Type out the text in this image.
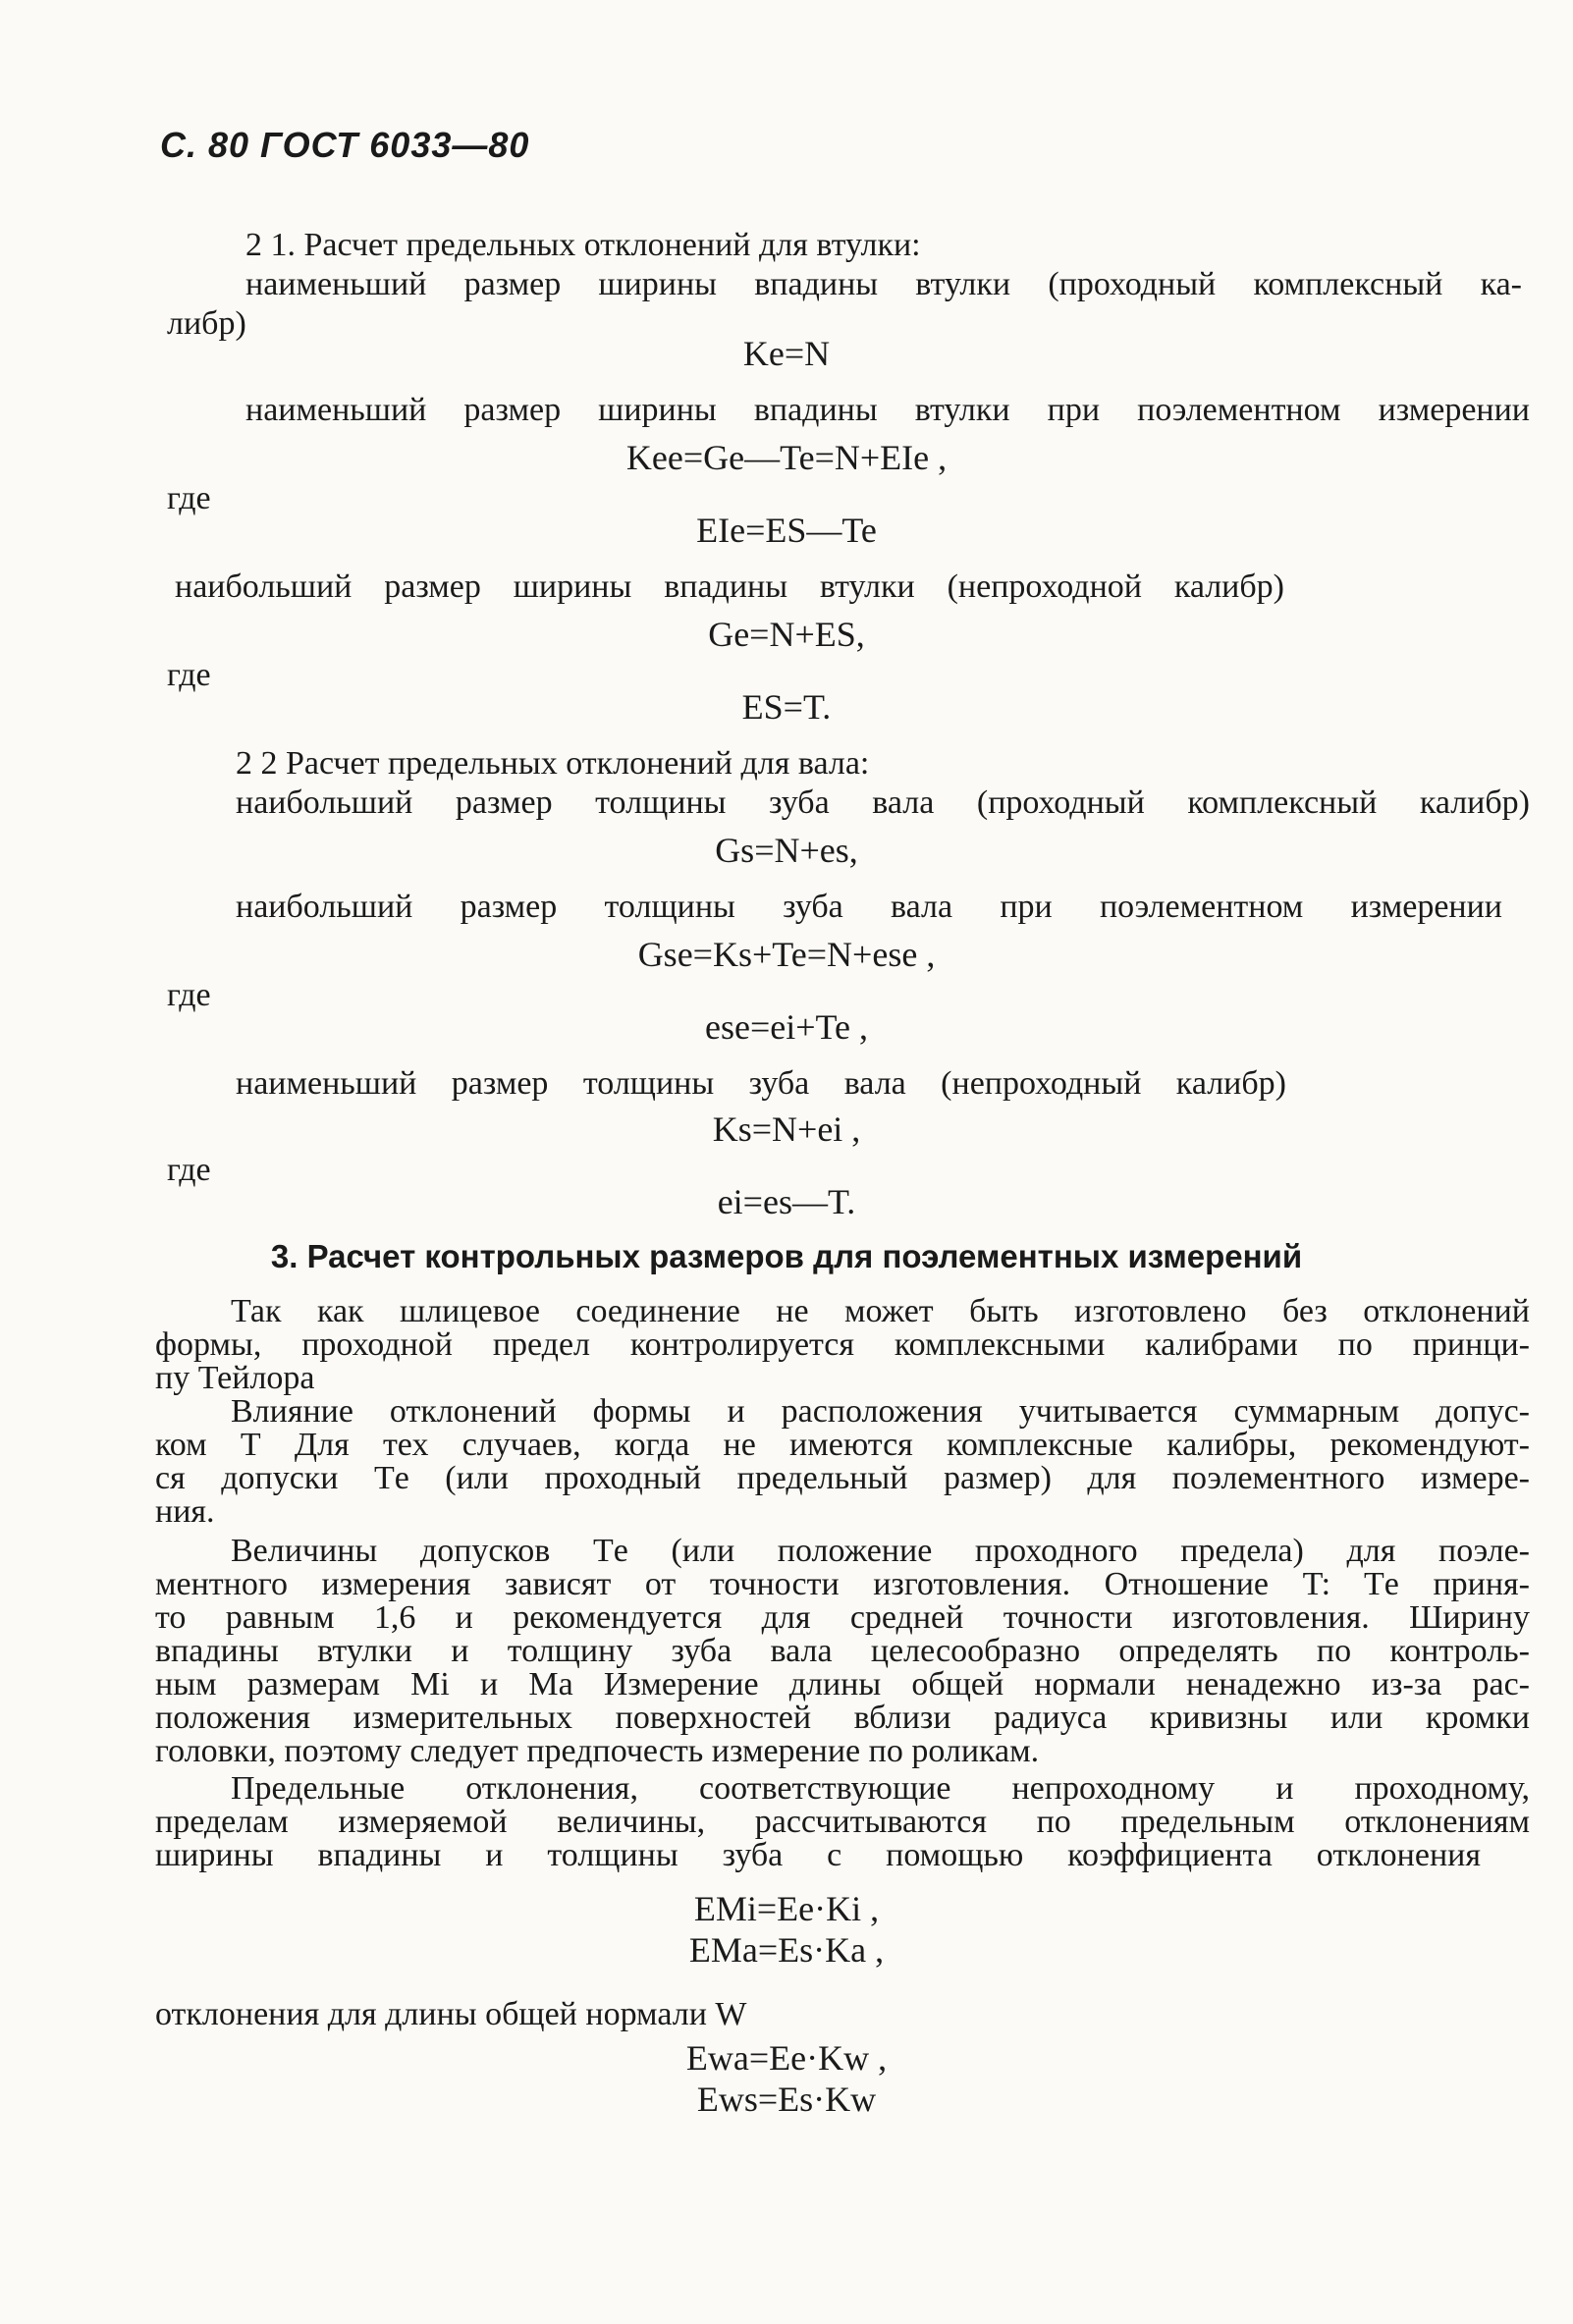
С. 80 ГОСТ 6033—80
2 1. Расчет предельных отклонений для втулки:
наименьший размер ширины впадины втулки (проходный комплексный ка-
либр)
Ke=N
наименьший размер ширины впадины втулки при поэлементном измерении
Kee=Ge—Te=N+EIe ,
где
EIe=ES—Te
наибольший размер ширины впадины втулки (непроходной калибр)
Ge=N+ES,
где
ES=T.
2 2 Расчет предельных отклонений для вала:
наибольший размер толщины зуба вала (проходный комплексный калибр)
Gs=N+es,
наибольший размер толщины зуба вала при поэлементном измерении
Gse=Ks+Te=N+ese ,
где
ese=ei+Te ,
наименьший размер толщины зуба вала (непроходный калибр)
Ks=N+ei ,
где
ei=es—T.
3. Расчет контрольных размеров для поэлементных измерений
Так как шлицевое соединение не может быть изготовлено без отклонений
формы, проходной предел контролируется комплексными калибрами по принци-
пу Тейлора
Влияние отклонений формы и расположения учитывается суммарным допус-
ком Т Для тех случаев, когда не имеются комплексные калибры, рекомендуют-
ся допуски Tе (или проходный предельный размер) для поэлементного измере-
ния.
Величины допусков Tе (или положение проходного предела) для поэле-
ментного измерения зависят от точности изготовления. Отношение T: Tе приня-
то равным 1,6 и рекомендуется для средней точности изготовления. Ширину
впадины втулки и толщину зуба вала целесообразно определять по контроль-
ным размерам Mi и Ma Измерение длины общей нормали ненадежно из-за рас-
положения измерительных поверхностей вблизи радиуса кривизны или кромки
головки, поэтому следует предпочесть измерение по роликам.
Предельные отклонения, соответствующие непроходному и проходному,
пределам измеряемой величины, рассчитываются по предельным отклонениям
ширины впадины и толщины зуба с помощью коэффициента отклонения
EMi=Ee·Ki ,
EMa=Es·Ka ,
отклонения для длины общей нормали W
Ewa=Ee·Kw ,
Ews=Es·Kw
